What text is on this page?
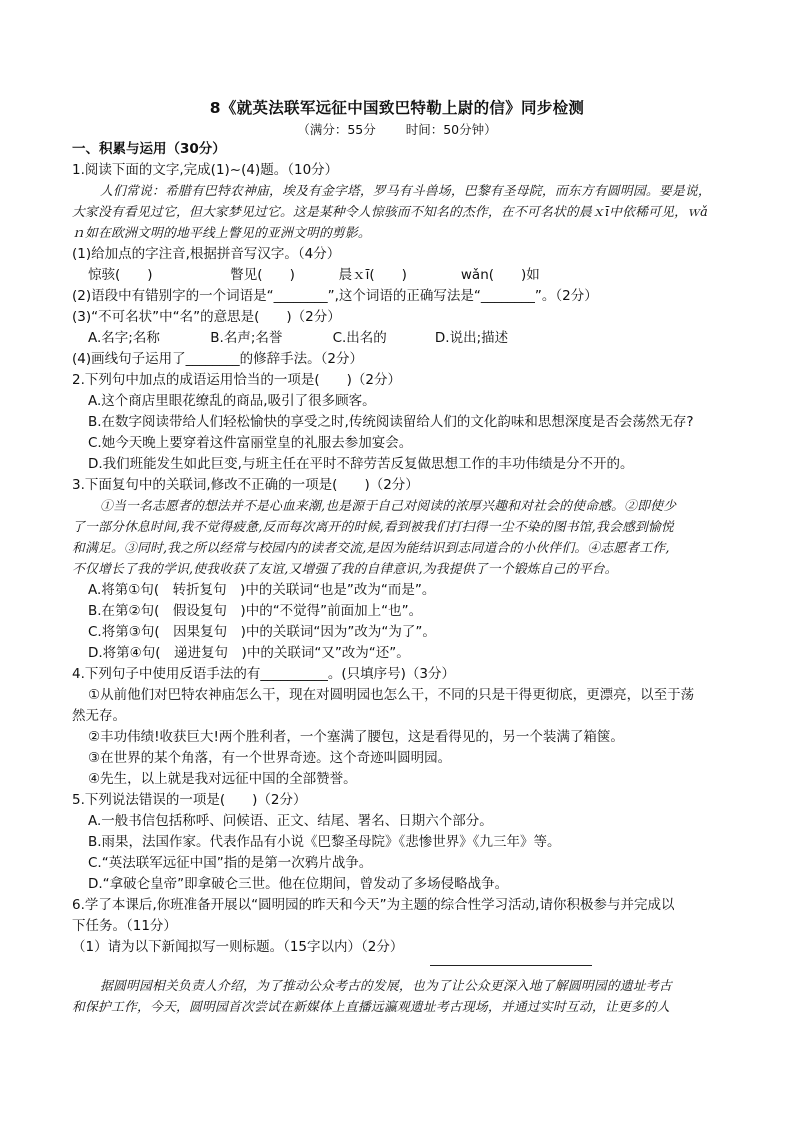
8《就英法联军远征中国致巴特勒上尉的信》同步检测
（满分：55分 时间：50分钟）
一、积累与运用（30分）
1.阅读下面的文字,完成(1)~(4)题。（10分）
人们常说：希腊有巴特农神庙，埃及有金字塔，罗马有斗兽场，巴黎有圣母院，而东方有圆明园。要是说，
大家没有看见过它，但大家梦见过它。这是某种令人惊骇而不知名的杰作，在不可名状的晨ｘī中依稀可见，ｗǎ
ｎ如在欧洲文明的地平线上瞥见的亚洲文明的剪影。
(1)给加点的字注音,根据拼音写汉字。（4分）
惊骇(　　)	瞥见(　　)	晨ｘī(　　)	wǎn(　　)如
(2)语段中有错别字的一个词语是“________”,这个词语的正确写法是“________”。（2分）
(3)“不可名状”中“名”的意思是(　　)（2分）
A.名字;名称	B.名声;名誉	C.出名的	D.说出;描述
(4)画线句子运用了________的修辞手法。（2分）
2.下列句中加点的成语运用恰当的一项是(　　)（2分）
A.这个商店里眼花缭乱的商品,吸引了很多顾客。
B.在数字阅读带给人们轻松愉快的享受之时,传统阅读留给人们的文化韵味和思想深度是否会荡然无存?
C.她今天晚上要穿着这件富丽堂皇的礼服去参加宴会。
D.我们班能发生如此巨变,与班主任在平时不辞劳苦反复做思想工作的丰功伟绩是分不开的。
3.下面复句中的关联词,修改不正确的一项是(　　)（2分）
①当一名志愿者的想法并不是心血来潮,也是源于自己对阅读的浓厚兴趣和对社会的使命感。②即使少
了一部分休息时间,我不觉得疲惫,反而每次离开的时候,看到被我们打扫得一尘不染的图书馆,我会感到愉悦
和满足。③同时,我之所以经常与校园内的读者交流,是因为能结识到志同道合的小伙伴们。④志愿者工作,
不仅增长了我的学识,使我收获了友谊,又增强了我的自律意识,为我提供了一个锻炼自己的平台。
A.将第①句(　转折复句　)中的关联词“也是”改为“而是”。
B.在第②句(　假设复句　)中的“不觉得”前面加上“也”。
C.将第③句(　因果复句　)中的关联词“因为”改为“为了”。
D.将第④句(　递进复句　)中的关联词“又”改为“还”。
4.下列句子中使用反语手法的有__________。(只填序号)（3分）
①从前他们对巴特农神庙怎么干，现在对圆明园也怎么干，不同的只是干得更彻底，更漂亮，以至于荡
然无存。
②丰功伟绩!收获巨大!两个胜利者，一个塞满了腰包，这是看得见的，另一个装满了箱箧。
③在世界的某个角落，有一个世界奇迹。这个奇迹叫圆明园。
④先生，以上就是我对远征中国的全部赞誉。
5.下列说法错误的一项是(　　)（2分）
A.一般书信包括称呼、问候语、正文、结尾、署名、日期六个部分。
B.雨果，法国作家。代表作品有小说《巴黎圣母院》《悲惨世界》《九三年》等。
C.“英法联军远征中国”指的是第一次鸦片战争。
D.“拿破仑皇帝”即拿破仑三世。他在位期间，曾发动了多场侵略战争。
6.学了本课后,你班准备开展以“圆明园的昨天和今天”为主题的综合性学习活动,请你积极参与并完成以
下任务。（11分）
（1）请为以下新闻拟写一则标题。（15字以内）（2分）
据圆明园相关负责人介绍，为了推动公众考古的发展，也为了让公众更深入地了解圆明园的遗址考古
和保护工作，今天，圆明园首次尝试在新媒体上直播远瀛观遗址考古现场，并通过实时互动，让更多的人
